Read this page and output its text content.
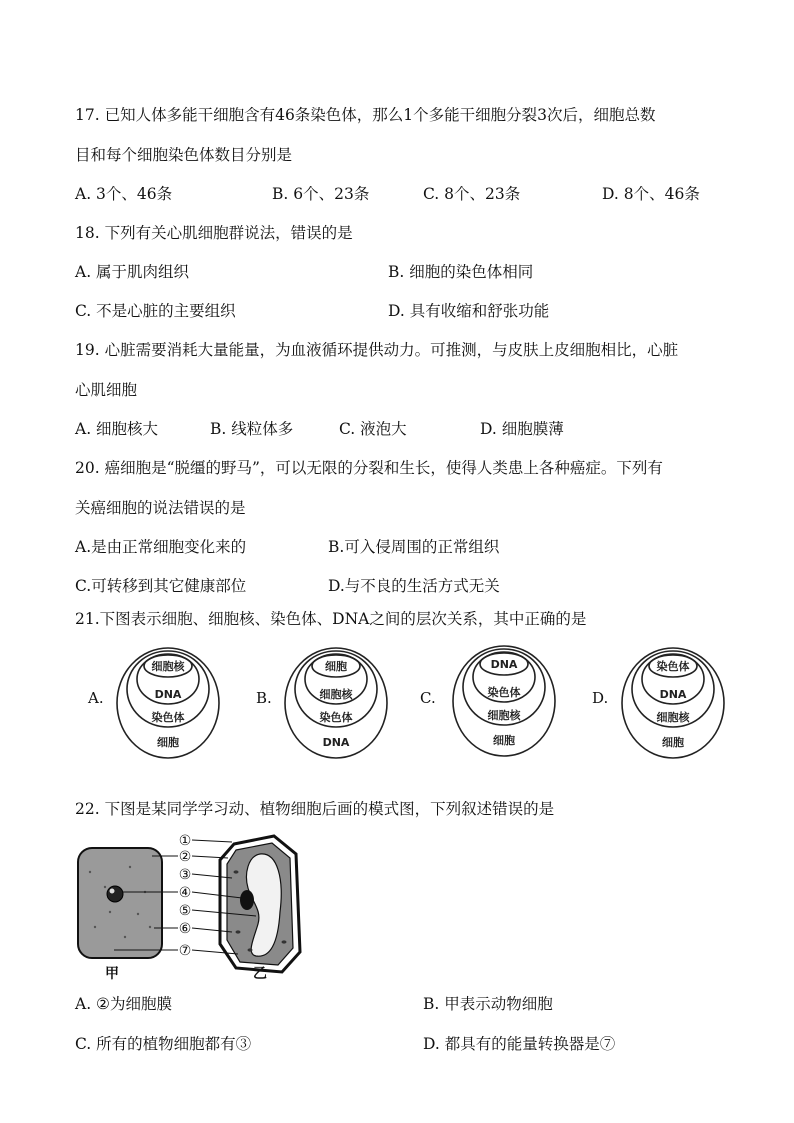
17. 已知人体多能干细胞含有46条染色体，那么1个多能干细胞分裂3次后，细胞总数
目和每个细胞染色体数目分别是
A. 3个、46条	B. 6个、23条	C. 8个、23条	D. 8个、46条
18. 下列有关心肌细胞群说法，错误的是
A. 属于肌肉组织	B. 细胞的染色体相同
C. 不是心脏的主要组织	D. 具有收缩和舒张功能
19. 心脏需要消耗大量能量，为血液循环提供动力。可推测，与皮肤上皮细胞相比，心脏
心肌细胞
A. 细胞核大	B. 线粒体多	C. 液泡大	D. 细胞膜薄
20. 癌细胞是“脱缰的野马”，可以无限的分裂和生长，使得人类患上各种癌症。下列有
关癌细胞的说法错误的是
A.是由正常细胞变化来的	B.可入侵周围的正常组织
C.可转移到其它健康部位	D.与不良的生活方式无关
21.下图表示细胞、细胞核、染色体、DNA之间的层次关系，其中正确的是
A.	B.	C.	D.
细胞核
DNA
染色体
细胞
细胞
细胞核
染色体
DNA
DNA
染色体
细胞核
细胞
染色体
DNA
细胞核
细胞
22. 下图是某同学学习动、植物细胞后画的模式图，下列叙述错误的是
①
②
③
④
⑤
⑥
⑦
甲	乙
A. ②为细胞膜	B. 甲表示动物细胞
C. 所有的植物细胞都有③	D. 都具有的能量转换器是⑦
